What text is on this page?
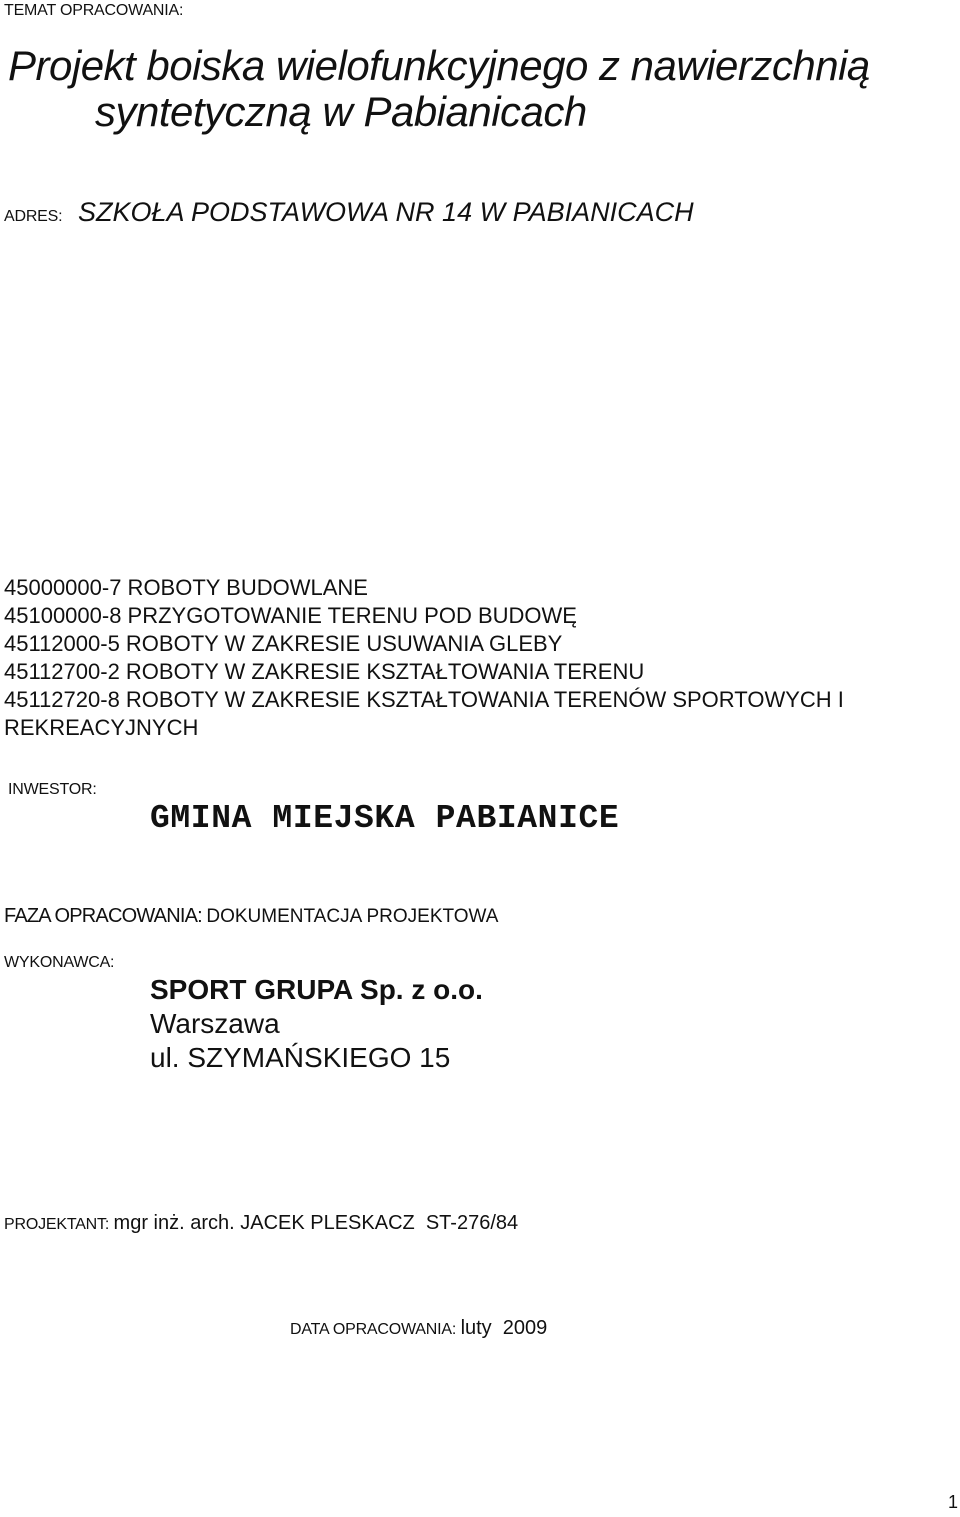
TEMAT OPRACOWANIA:
Projekt boiska wielofunkcyjnego z nawierzchnią
syntetyczną w Pabianicach
ADRES: SZKOŁA PODSTAWOWA NR 14 W PABIANICACH
45000000-7 ROBOTY BUDOWLANE
45100000-8 PRZYGOTOWANIE TERENU POD BUDOWĘ
45112000-5 ROBOTY W ZAKRESIE USUWANIA GLEBY
45112700-2 ROBOTY W ZAKRESIE KSZTAŁTOWANIA TERENU
45112720-8 ROBOTY W ZAKRESIE KSZTAŁTOWANIA TERENÓW SPORTOWYCH I
REKREACYJNYCH
INWESTOR:
GMINA MIEJSKA PABIANICE
FAZA OPRACOWANIA: DOKUMENTACJA PROJEKTOWA
WYKONAWCA:
SPORT GRUPA Sp. z o.o.
Warszawa
ul. SZYMAŃSKIEGO 15
PROJEKTANT: mgr inż. arch. JACEK PLESKACZ  ST-276/84
DATA OPRACOWANIA: luty  2009
1
